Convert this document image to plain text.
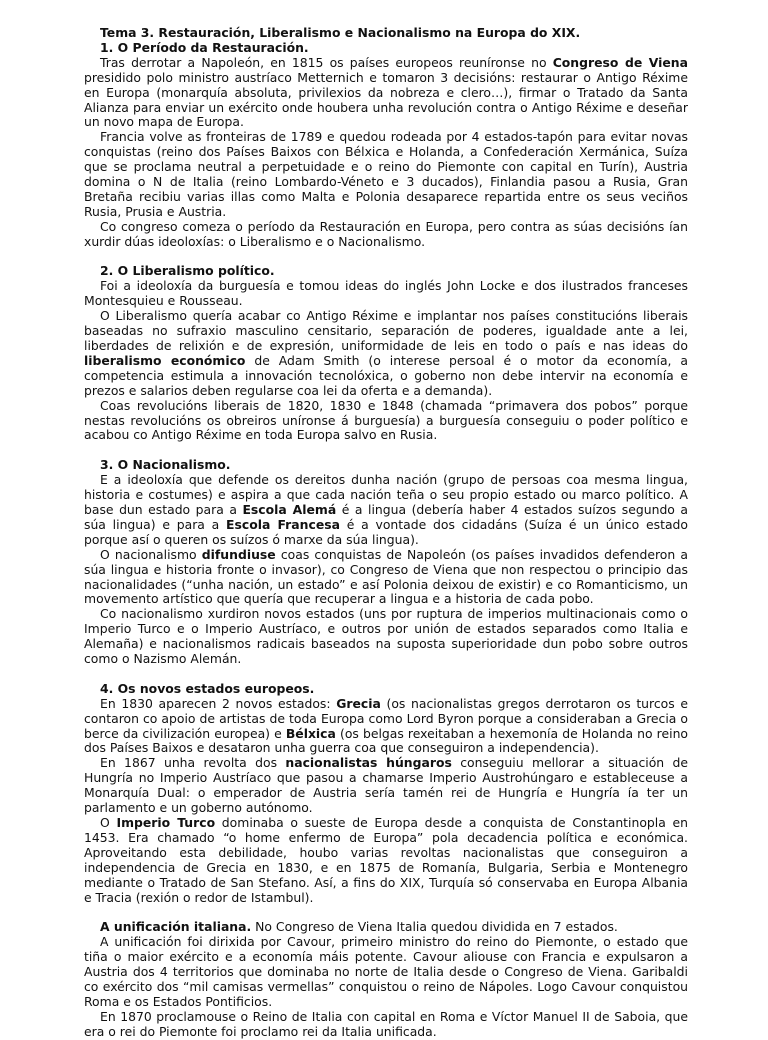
Tema 3. Restauración, Liberalismo e Nacionalismo na Europa do XIX.

1. O Período da Restauración.

Tras derrotar a Napoleón, en 1815 os países europeos reuníronse no Congreso de Viena presidido polo ministro austríaco Metternich e tomaron 3 decisións: restaurar o Antigo Réxime en Europa (monarquía absoluta, privilexios da nobreza e clero…), firmar o Tratado da Santa Alianza para enviar un exército onde houbera unha revolución contra o Antigo Réxime e deseñar un novo mapa de Europa.

Francia volve as fronteiras de 1789 e quedou rodeada por 4 estados-tapón para evitar novas conquistas (reino dos Países Baixos con Bélxica e Holanda, a Confederación Xermánica, Suíza que se proclama neutral a perpetuidade e o reino do Piemonte con capital en Turín), Austria domina o N de Italia (reino Lombardo-Véneto e 3 ducados), Finlandia pasou a Rusia, Gran Bretaña recibiu varias illas como Malta e Polonia desaparece repartida entre os seus veciños Rusia, Prusia e Austria.

Co congreso comeza o período da Restauración en Europa, pero contra as súas decisións ían xurdir dúas ideoloxías: o Liberalismo e o Nacionalismo.

2. O Liberalismo político.

Foi a ideoloxía da burguesía e tomou ideas do inglés John Locke e dos ilustrados franceses Montesquieu e Rousseau.

O Liberalismo quería acabar co Antigo Réxime e implantar nos países constitucións liberais baseadas no sufraxio masculino censitario, separación de poderes, igualdade ante a lei, liberdades de relixión e de expresión, uniformidade de leis en todo o país e nas ideas do liberalismo económico de Adam Smith (o interese persoal é o motor da economía, a competencia estimula a innovación tecnolóxica, o goberno non debe intervir na economía e prezos e salarios deben regularse coa lei da oferta e a demanda).

Coas revolucións liberais de 1820, 1830 e 1848 (chamada “primavera dos pobos” porque nestas revolucións os obreiros uníronse á burguesía) a burguesía conseguiu o poder político e acabou co Antigo Réxime en toda Europa salvo en Rusia.

3. O Nacionalismo.

E a ideoloxía que defende os dereitos dunha nación (grupo de persoas coa mesma lingua, historia e costumes) e aspira a que cada nación teña o seu propio estado ou marco político. A base dun estado para a Escola Alemá é a lingua (debería haber 4 estados suízos segundo a súa lingua) e para a Escola Francesa é a vontade dos cidadáns (Suíza é un único estado porque así o queren os suízos ó marxe da súa lingua).

O nacionalismo difundiuse coas conquistas de Napoleón (os países invadidos defenderon a súa lingua e historia fronte o invasor), co Congreso de Viena que non respectou o principio das nacionalidades (“unha nación, un estado” e así Polonia deixou de existir) e co Romanticismo, un movemento artístico que quería que recuperar a lingua e a historia de cada pobo.

Co nacionalismo xurdiron novos estados (uns por ruptura de imperios multinacionais como o Imperio Turco e o Imperio Austríaco, e outros por unión de estados separados como Italia e Alemaña) e nacionalismos radicais baseados na suposta superioridade dun pobo sobre outros como o Nazismo Alemán.

4. Os novos estados europeos.

En 1830 aparecen 2 novos estados: Grecia (os nacionalistas gregos derrotaron os turcos e contaron co apoio de artistas de toda Europa como Lord Byron porque a consideraban a Grecia o berce da civilización europea) e Bélxica (os belgas rexeitaban a hexemonía de Holanda no reino dos Países Baixos e desataron unha guerra coa que conseguiron a independencia).

En 1867 unha revolta dos nacionalistas húngaros conseguiu mellorar a situación de Hungría no Imperio Austríaco que pasou a chamarse Imperio Austrohúngaro e estableceuse a Monarquía Dual: o emperador de Austria sería tamén rei de Hungría e Hungría ía ter un parlamento e un goberno autónomo.

O Imperio Turco dominaba o sueste de Europa desde a conquista de Constantinopla en 1453. Era chamado “o home enfermo de Europa” pola decadencia política e económica. Aproveitando esta debilidade, houbo varias revoltas nacionalistas que conseguiron a independencia de Grecia en 1830, e en 1875 de Romanía, Bulgaria, Serbia e Montenegro mediante o Tratado de San Stefano. Así, a fins do XIX, Turquía só conservaba en Europa Albania e Tracia (rexión o redor de Istambul).

A unificación italiana. No Congreso de Viena Italia quedou dividida en 7 estados.

A unificación foi dirixida por Cavour, primeiro ministro do reino do Piemonte, o estado que tiña o maior exército e a economía máis potente. Cavour aliouse con Francia e expulsaron a Austria dos 4 territorios que dominaba no norte de Italia desde o Congreso de Viena. Garibaldi co exército dos “mil camisas vermellas” conquistou o reino de Nápoles. Logo Cavour conquistou Roma e os Estados Pontificios.

En 1870 proclamouse o Reino de Italia con capital en Roma e Víctor Manuel II de Saboia, que era o rei do Piemonte foi proclamo rei da Italia unificada.
